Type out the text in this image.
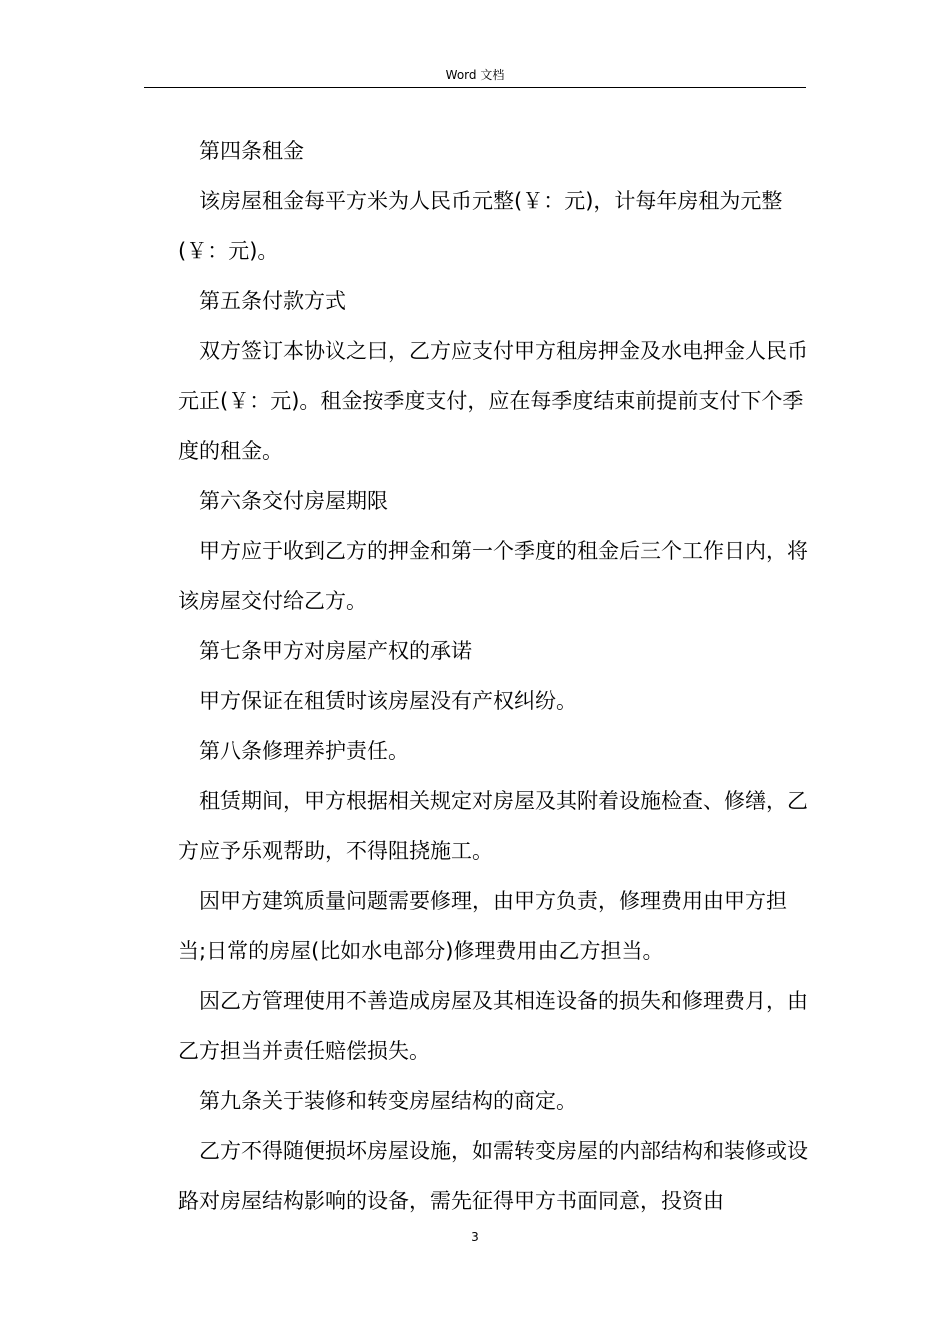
Word 文档

第四条租金

该房屋租金每平方米为人民币元整(￥：元)，计每年房租为元整(￥：元)。

第五条付款方式

双方签订本协议之曰，乙方应支付甲方租房押金及水电押金人民币元正(￥：元)。租金按季度支付，应在每季度结束前提前支付下个季度的租金。

第六条交付房屋期限

甲方应于收到乙方的押金和第一个季度的租金后三个工作日内，将该房屋交付给乙方。

第七条甲方对房屋产权的承诺

甲方保证在租赁时该房屋没有产权纠纷。

第八条修理养护责任。

租赁期间，甲方根据相关规定对房屋及其附着设施检查、修缮，乙方应予乐观帮助，不得阻挠施工。

因甲方建筑质量问题需要修理，由甲方负责，修理费用由甲方担当;日常的房屋(比如水电部分)修理费用由乙方担当。

因乙方管理使用不善造成房屋及其相连设备的损失和修理费月，由乙方担当并责任赔偿损失。

第九条关于装修和转变房屋结构的商定。

乙方不得随便损坏房屋设施，如需转变房屋的内部结构和装修或设路对房屋结构影响的设备，需先征得甲方书面同意，投资由

3
